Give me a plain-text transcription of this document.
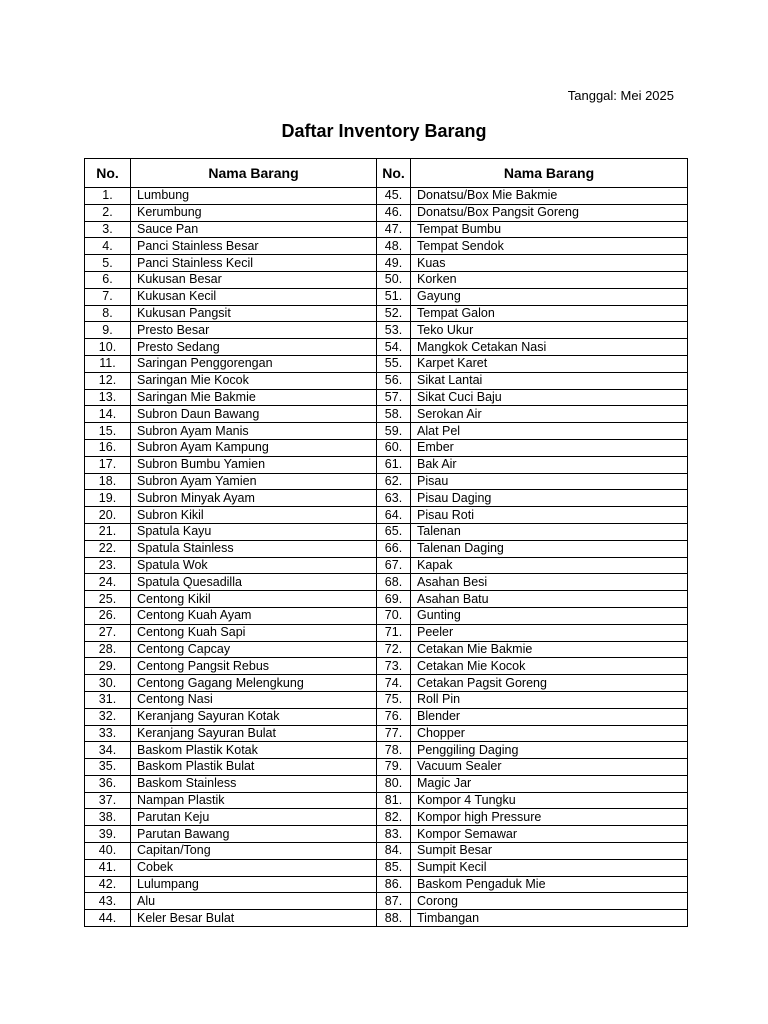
Tanggal: Mei 2025
Daftar Inventory Barang
No.	Nama Barang	No.	Nama Barang
1.	Lumbung	45.	Donatsu/Box Mie Bakmie
2.	Kerumbung	46.	Donatsu/Box Pangsit Goreng
3.	Sauce Pan	47.	Tempat Bumbu
4.	Panci Stainless Besar	48.	Tempat Sendok
5.	Panci Stainless Kecil	49.	Kuas
6.	Kukusan Besar	50.	Korken
7.	Kukusan Kecil	51.	Gayung
8.	Kukusan Pangsit	52.	Tempat Galon
9.	Presto Besar	53.	Teko Ukur
10.	Presto Sedang	54.	Mangkok Cetakan Nasi
11.	Saringan Penggorengan	55.	Karpet Karet
12.	Saringan Mie Kocok	56.	Sikat Lantai
13.	Saringan Mie Bakmie	57.	Sikat Cuci Baju
14.	Subron Daun Bawang	58.	Serokan Air
15.	Subron Ayam Manis	59.	Alat Pel
16.	Subron Ayam Kampung	60.	Ember
17.	Subron Bumbu Yamien	61.	Bak Air
18.	Subron Ayam Yamien	62.	Pisau
19.	Subron Minyak Ayam	63.	Pisau Daging
20.	Subron Kikil	64.	Pisau Roti
21.	Spatula Kayu	65.	Talenan
22.	Spatula Stainless	66.	Talenan Daging
23.	Spatula Wok	67.	Kapak
24.	Spatula Quesadilla	68.	Asahan Besi
25.	Centong Kikil	69.	Asahan Batu
26.	Centong Kuah Ayam	70.	Gunting
27.	Centong Kuah Sapi	71.	Peeler
28.	Centong Capcay	72.	Cetakan Mie Bakmie
29.	Centong Pangsit Rebus	73.	Cetakan Mie Kocok
30.	Centong Gagang Melengkung	74.	Cetakan Pagsit Goreng
31.	Centong Nasi	75.	Roll Pin
32.	Keranjang Sayuran Kotak	76.	Blender
33.	Keranjang Sayuran Bulat	77.	Chopper
34.	Baskom Plastik Kotak	78.	Penggiling Daging
35.	Baskom Plastik Bulat	79.	Vacuum Sealer
36.	Baskom Stainless	80.	Magic Jar
37.	Nampan Plastik	81.	Kompor 4 Tungku
38.	Parutan Keju	82.	Kompor high Pressure
39.	Parutan Bawang	83.	Kompor Semawar
40.	Capitan/Tong	84.	Sumpit Besar
41.	Cobek	85.	Sumpit Kecil
42.	Lulumpang	86.	Baskom Pengaduk Mie
43.	Alu	87.	Corong
44.	Keler Besar Bulat	88.	Timbangan
